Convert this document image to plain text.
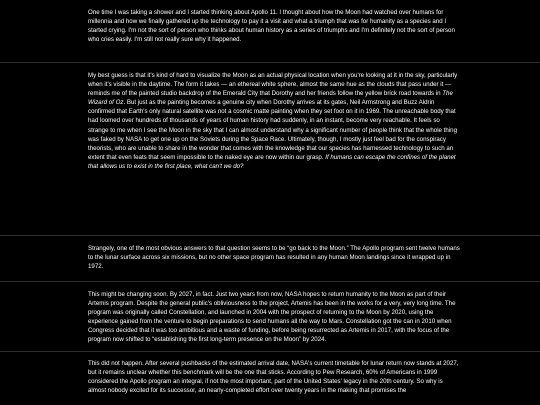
One time I was taking a shower and I started thinking about Apollo 11. I thought about how the Moon had watched over humans for millennia and how we finally gathered up the technology to pay it a visit and what a triumph that was for humanity as a species and I started crying. I'm not the sort of person who thinks about human history as a series of triumphs and I'm definitely not the sort of person who cries easily. I'm still not really sure why it happened.

My best guess is that it's kind of hard to visualize the Moon as an actual physical location when you're looking at it in the sky, particularly when it's visible in the daytime. The form it takes — an ethereal white sphere, almost the same hue as the clouds that pass under it — reminds me of the painted studio backdrop of the Emerald City that Dorothy and her friends follow the yellow brick road towards in The Wizard of Oz. But just as the painting becomes a genuine city when Dorothy arrives at its gates, Neil Armstrong and Buzz Aldrin confirmed that Earth's only natural satellite was not a cosmic matte painting when they set foot on it in 1969. The unreachable body that had loomed over hundreds of thousands of years of human history had suddenly, in an instant, become very reachable. It feels so strange to me when I see the Moon in the sky that I can almost understand why a significant number of people think that the whole thing was faked by NASA to get one up on the Soviets during the Space Race. Ultimately, though, I mostly just feel bad for the conspiracy theorists, who are unable to share in the wonder that comes with the knowledge that our species has harnessed technology to such an extent that even feats that seem impossible to the naked eye are now within our grasp. If humans can escape the confines of the planet that allows us to exist in the first place, what can't we do?

Strangely, one of the most obvious answers to that question seems to be “go back to the Moon.” The Apollo program sent twelve humans to the lunar surface across six missions, but no other space program has resulted in any human Moon landings since it wrapped up in 1972.

This might be changing soon. By 2027, in fact. Just two years from now, NASA hopes to return humanity to the Moon as part of their Artemis program. Despite the general public's obliviousness to the project, Artemis has been in the works for a very, very long time. The program was originally called Constellation, and launched in 2004 with the prospect of returning to the Moon by 2020, using the experience gained from the venture to begin preparations to send humans all the way to Mars. Constellation got the can in 2010 when Congress decided that it was too ambitious and a waste of funding, before being resurrected as Artemis in 2017, with the focus of the program now shifted to “establishing the first long-term presence on the Moon” by 2024.

This did not happen. After several pushbacks of the estimated arrival date, NASA's current timetable for lunar return now stands at 2027, but it remains unclear whether this benchmark will be the one that sticks. According to Pew Research, 60% of Americans in 1999 considered the Apollo program an integral, if not the most important, part of the United States' legacy in the 20th century. So why is almost nobody excited for its successor, an nearly-completed effort over twenty years in the making that promises the
